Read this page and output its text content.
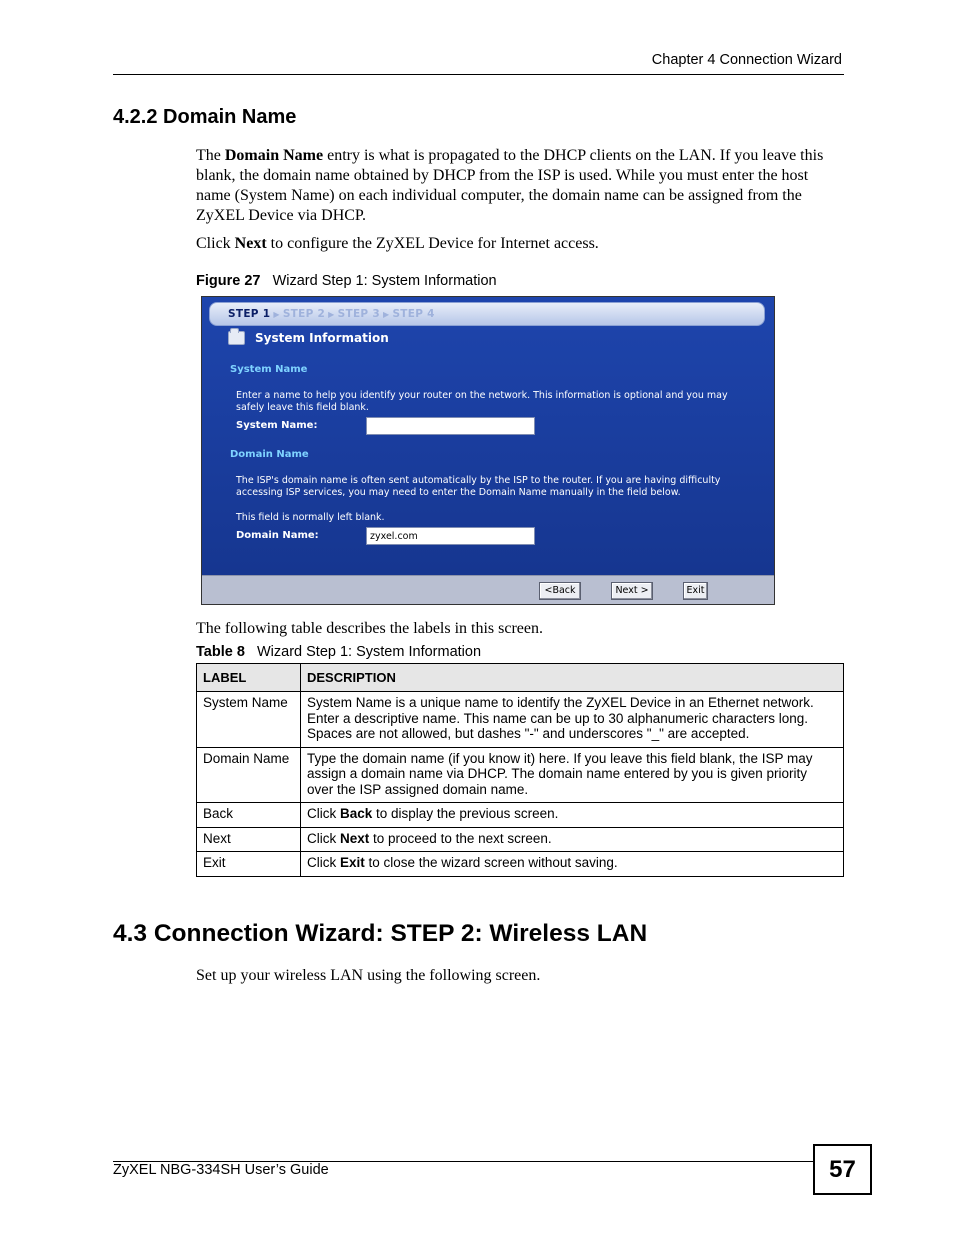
Chapter 4 Connection Wizard
4.2.2 Domain Name

The Domain Name entry is what is propagated to the DHCP clients on the LAN. If you leave this blank, the domain name obtained by DHCP from the ISP is used. While you must enter the host name (System Name) on each individual computer, the domain name can be assigned from the ZyXEL Device via DHCP.

Click Next to configure the ZyXEL Device for Internet access.

Figure 27 Wizard Step 1: System Information
STEP 1 ▶ STEP 2 ▶ STEP 3 ▶ STEP 4
System Information
System Name
Enter a name to help you identify your router on the network. This information is optional and you may safely leave this field blank.
System Name:
Domain Name
The ISP's domain name is often sent automatically by the ISP to the router. If you are having difficulty accessing ISP services, you may need to enter the Domain Name manually in the field below.
This field is normally left blank.
Domain Name:
zyxel.com
<Back	Next >	Exit

The following table describes the labels in this screen.

Table 8 Wizard Step 1: System Information
LABEL	DESCRIPTION
System Name	System Name is a unique name to identify the ZyXEL Device in an Ethernet network. Enter a descriptive name. This name can be up to 30 alphanumeric characters long. Spaces are not allowed, but dashes "-" and underscores "_" are accepted.
Domain Name	Type the domain name (if you know it) here. If you leave this field blank, the ISP may assign a domain name via DHCP. The domain name entered by you is given priority over the ISP assigned domain name.
Back	Click Back to display the previous screen.
Next	Click Next to proceed to the next screen.
Exit	Click Exit to close the wizard screen without saving.
4.3 Connection Wizard: STEP 2: Wireless LAN

Set up your wireless LAN using the following screen.

ZyXEL NBG-334SH User’s Guide	57
